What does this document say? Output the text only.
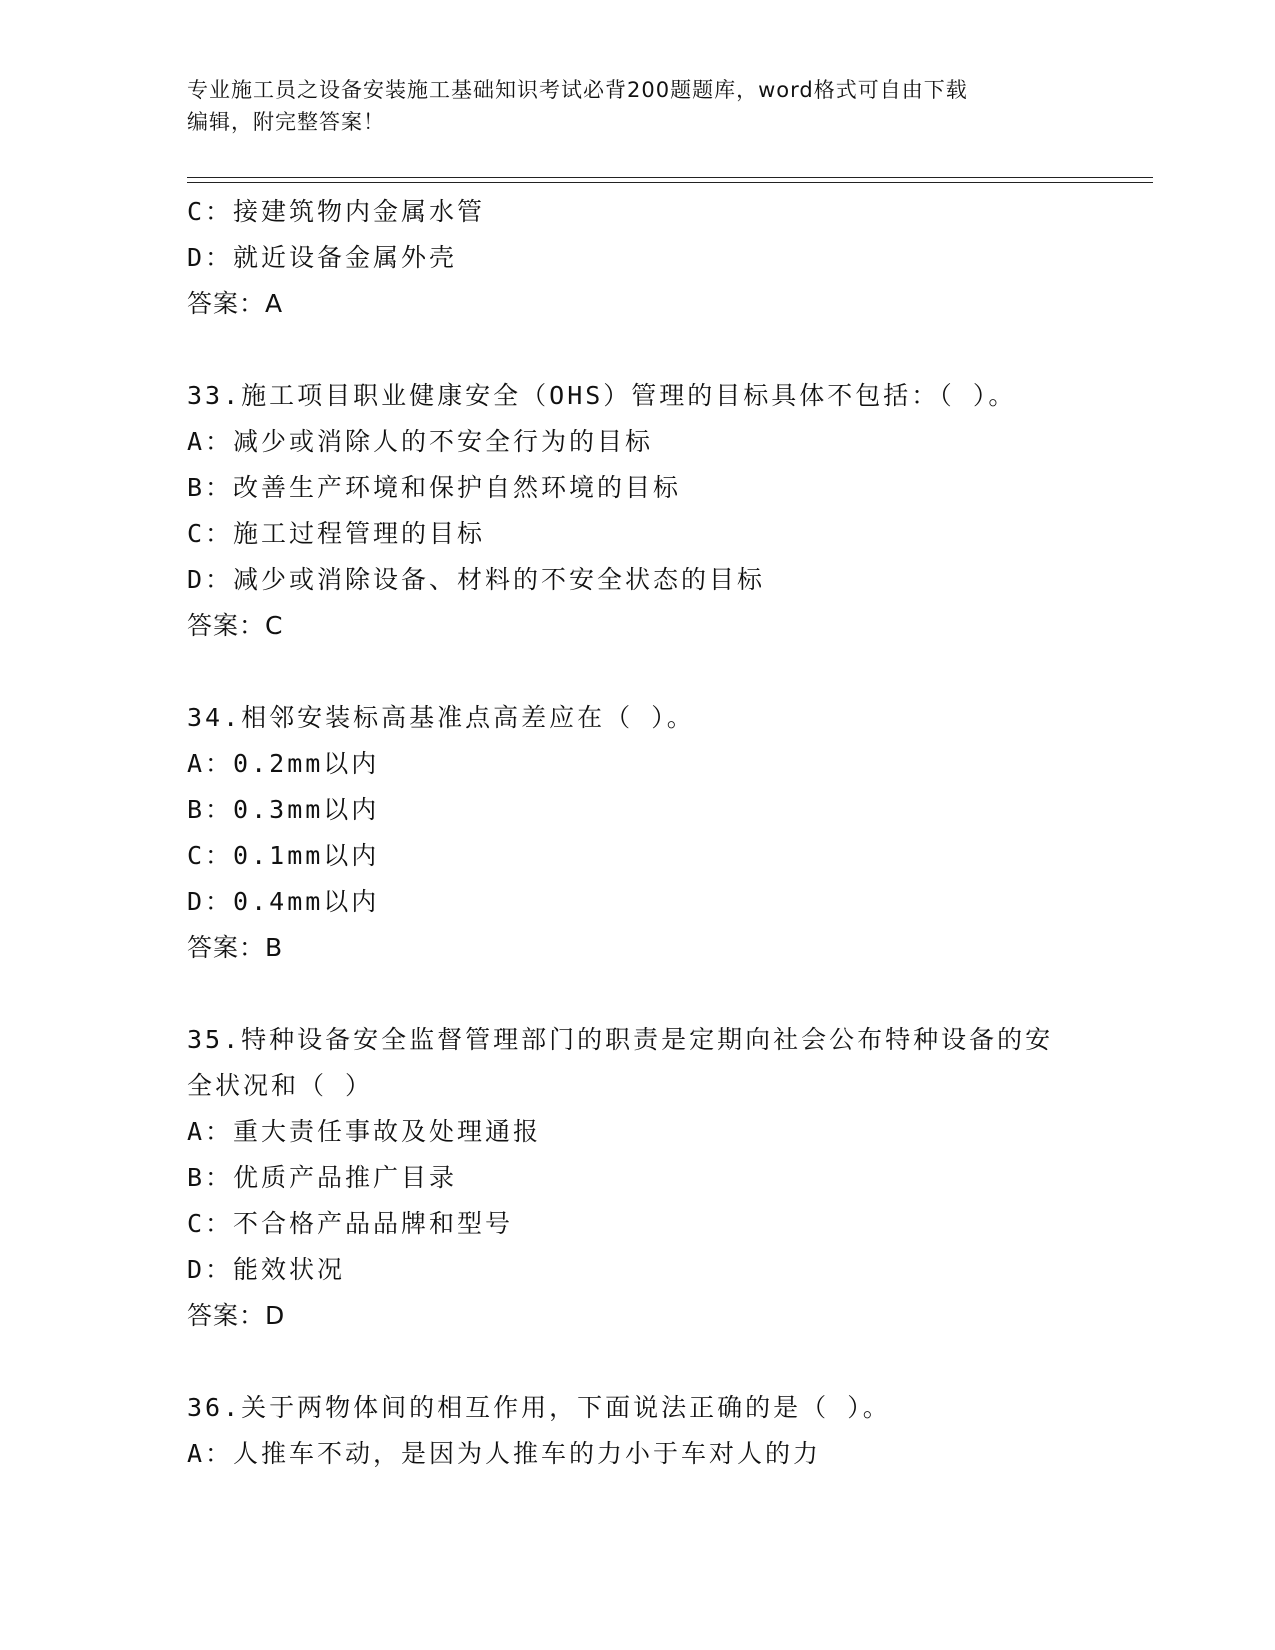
专业施工员之设备安装施工基础知识考试必背200题题库，word格式可自由下载
编辑，附完整答案！
C：接建筑物内金属水管
D：就近设备金属外壳
答案：A
33.施工项目职业健康安全（OHS）管理的目标具体不包括：（ ）。
A：减少或消除人的不安全行为的目标
B：改善生产环境和保护自然环境的目标
C：施工过程管理的目标
D：减少或消除设备、材料的不安全状态的目标
答案：C
34.相邻安装标高基准点高差应在（ ）。
A：0.2mm以内
B：0.3mm以内
C：0.1mm以内
D：0.4mm以内
答案：B
35.特种设备安全监督管理部门的职责是定期向社会公布特种设备的安
全状况和（ ）
A：重大责任事故及处理通报
B：优质产品推广目录
C：不合格产品品牌和型号
D：能效状况
答案：D
36.关于两物体间的相互作用，下面说法正确的是（ ）。
A：人推车不动，是因为人推车的力小于车对人的力
